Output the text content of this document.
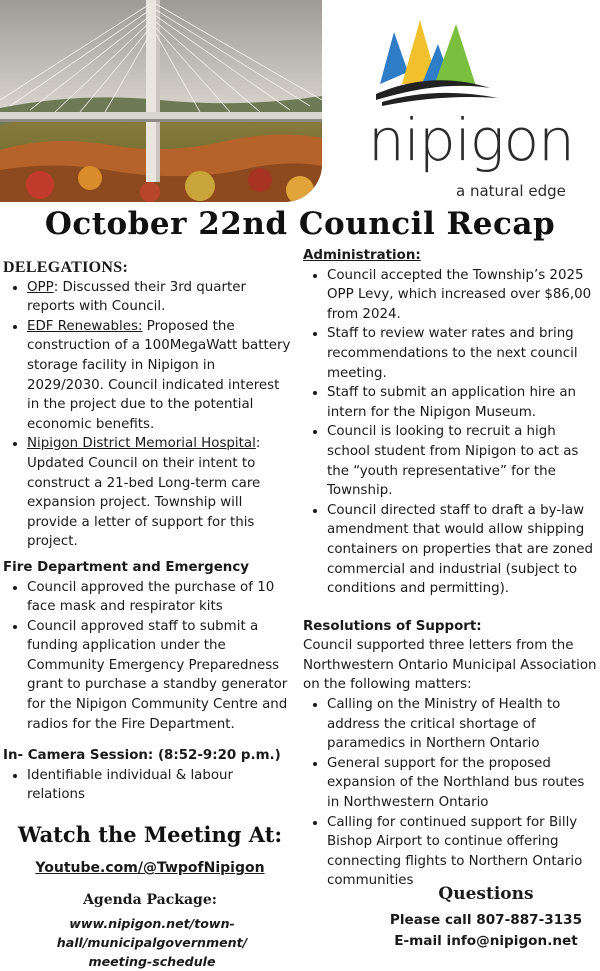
nipigon
a natural edge
October 22nd Council Recap
DELEGATIONS:
• OPP: Discussed their 3rd quarter reports with Council.
• EDF Renewables: Proposed the construction of a 100MegaWatt battery storage facility in Nipigon in 2029/2030. Council indicated interest in the project due to the potential economic benefits.
• Nipigon District Memorial Hospital: Updated Council on their intent to construct a 21-bed Long-term care expansion project. Township will provide a letter of support for this project.
Fire Department and Emergency
• Council approved the purchase of 10 face mask and respirator kits
• Council approved staff to submit a funding application under the Community Emergency Preparedness grant to purchase a standby generator for the Nipigon Community Centre and radios for the Fire Department.
In- Camera Session: (8:52-9:20 p.m.)
• Identifiable individual & labour relations
Administration:
• Council accepted the Township’s 2025 OPP Levy, which increased over $86,00 from 2024.
• Staff to review water rates and bring recommendations to the next council meeting.
• Staff to submit an application hire an intern for the Nipigon Museum.
• Council is looking to recruit a high school student from Nipigon to act as the “youth representative” for the Township.
• Council directed staff to draft a by-law amendment that would allow shipping containers on properties that are zoned commercial and industrial (subject to conditions and permitting).
Resolutions of Support:
Council supported three letters from the Northwestern Ontario Municipal Association on the following matters:
• Calling on the Ministry of Health to address the critical shortage of paramedics in Northern Ontario
• General support for the proposed expansion of the Northland bus routes in Northwestern Ontario
• Calling for continued support for Billy Bishop Airport to continue offering connecting flights to Northern Ontario communities
Watch the Meeting At:
Youtube.com/@TwpofNipigon
Agenda Package:
www.nipigon.net/town-hall/municipalgovernment/
meeting-schedule
Questions
Please call 807-887-3135
E-mail info@nipigon.net
